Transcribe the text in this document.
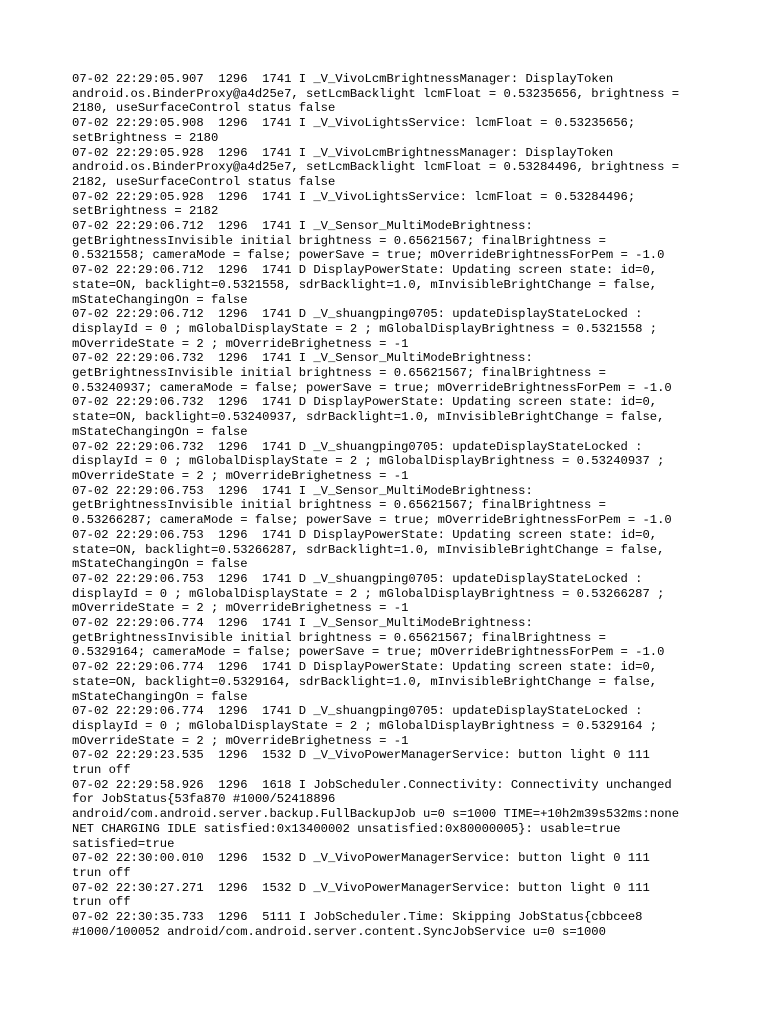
07-02 22:29:05.907  1296  1741 I _V_VivoLcmBrightnessManager: DisplayToken

android.os.BinderProxy@a4d25e7, setLcmBacklight lcmFloat = 0.53235656, brightness =

2180, useSurfaceControl status false

07-02 22:29:05.908  1296  1741 I _V_VivoLightsService: lcmFloat = 0.53235656;

setBrightness = 2180

07-02 22:29:05.928  1296  1741 I _V_VivoLcmBrightnessManager: DisplayToken

android.os.BinderProxy@a4d25e7, setLcmBacklight lcmFloat = 0.53284496, brightness =

2182, useSurfaceControl status false

07-02 22:29:05.928  1296  1741 I _V_VivoLightsService: lcmFloat = 0.53284496;

setBrightness = 2182

07-02 22:29:06.712  1296  1741 I _V_Sensor_MultiModeBrightness:

getBrightnessInvisible initial brightness = 0.65621567; finalBrightness =

0.5321558; cameraMode = false; powerSave = true; mOverrideBrightnessForPem = -1.0

07-02 22:29:06.712  1296  1741 D DisplayPowerState: Updating screen state: id=0,

state=ON, backlight=0.5321558, sdrBacklight=1.0, mInvisibleBrightChange = false,

mStateChangingOn = false

07-02 22:29:06.712  1296  1741 D _V_shuangping0705: updateDisplayStateLocked :

displayId = 0 ; mGlobalDisplayState = 2 ; mGlobalDisplayBrightness = 0.5321558 ;

mOverrideState = 2 ; mOverrideBrighetness = -1

07-02 22:29:06.732  1296  1741 I _V_Sensor_MultiModeBrightness:

getBrightnessInvisible initial brightness = 0.65621567; finalBrightness =

0.53240937; cameraMode = false; powerSave = true; mOverrideBrightnessForPem = -1.0

07-02 22:29:06.732  1296  1741 D DisplayPowerState: Updating screen state: id=0,

state=ON, backlight=0.53240937, sdrBacklight=1.0, mInvisibleBrightChange = false,

mStateChangingOn = false

07-02 22:29:06.732  1296  1741 D _V_shuangping0705: updateDisplayStateLocked :

displayId = 0 ; mGlobalDisplayState = 2 ; mGlobalDisplayBrightness = 0.53240937 ;

mOverrideState = 2 ; mOverrideBrighetness = -1

07-02 22:29:06.753  1296  1741 I _V_Sensor_MultiModeBrightness:

getBrightnessInvisible initial brightness = 0.65621567; finalBrightness =

0.53266287; cameraMode = false; powerSave = true; mOverrideBrightnessForPem = -1.0

07-02 22:29:06.753  1296  1741 D DisplayPowerState: Updating screen state: id=0,

state=ON, backlight=0.53266287, sdrBacklight=1.0, mInvisibleBrightChange = false,

mStateChangingOn = false

07-02 22:29:06.753  1296  1741 D _V_shuangping0705: updateDisplayStateLocked :

displayId = 0 ; mGlobalDisplayState = 2 ; mGlobalDisplayBrightness = 0.53266287 ;

mOverrideState = 2 ; mOverrideBrighetness = -1

07-02 22:29:06.774  1296  1741 I _V_Sensor_MultiModeBrightness:

getBrightnessInvisible initial brightness = 0.65621567; finalBrightness =

0.5329164; cameraMode = false; powerSave = true; mOverrideBrightnessForPem = -1.0

07-02 22:29:06.774  1296  1741 D DisplayPowerState: Updating screen state: id=0,

state=ON, backlight=0.5329164, sdrBacklight=1.0, mInvisibleBrightChange = false,

mStateChangingOn = false

07-02 22:29:06.774  1296  1741 D _V_shuangping0705: updateDisplayStateLocked :

displayId = 0 ; mGlobalDisplayState = 2 ; mGlobalDisplayBrightness = 0.5329164 ;

mOverrideState = 2 ; mOverrideBrighetness = -1

07-02 22:29:23.535  1296  1532 D _V_VivoPowerManagerService: button light 0 111

trun off

07-02 22:29:58.926  1296  1618 I JobScheduler.Connectivity: Connectivity unchanged

for JobStatus{53fa870 #1000/52418896

android/com.android.server.backup.FullBackupJob u=0 s=1000 TIME=+10h2m39s532ms:none

NET CHARGING IDLE satisfied:0x13400002 unsatisfied:0x80000005}: usable=true

satisfied=true

07-02 22:30:00.010  1296  1532 D _V_VivoPowerManagerService: button light 0 111

trun off

07-02 22:30:27.271  1296  1532 D _V_VivoPowerManagerService: button light 0 111

trun off

07-02 22:30:35.733  1296  5111 I JobScheduler.Time: Skipping JobStatus{cbbcee8

#1000/100052 android/com.android.server.content.SyncJobService u=0 s=1000
